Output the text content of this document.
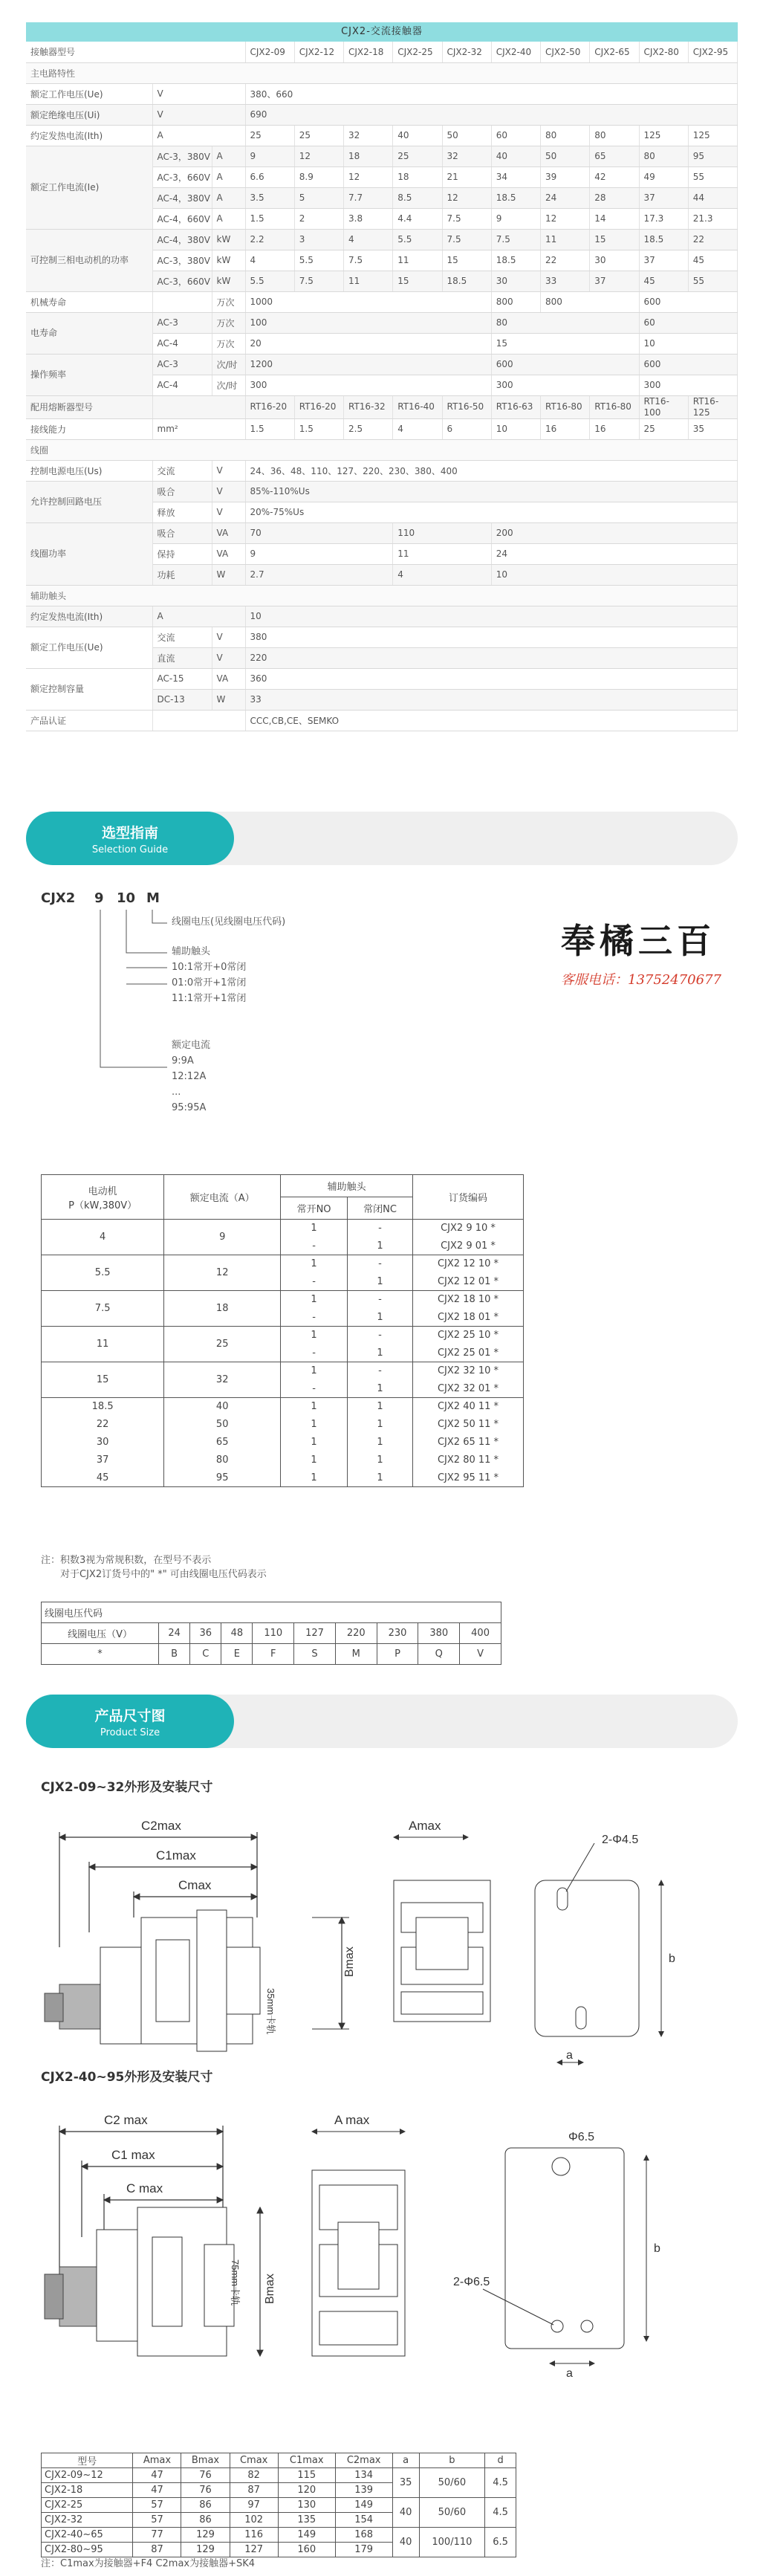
CJX2-交流接触器
接触器型号			CJX2-09	CJX2-12	CJX2-18	CJX2-25	CJX2-32	CJX2-40	CJX2-50	CJX2-65	CJX2-80	CJX2-95
主电路特性												
额定工作电压(Ue)	V		380、660									
额定绝缘电压(Ui)	V		690									
约定发热电流(Ith)	A		25	25	32	40	50	60	80	80	125	125
额定工作电流(Ie)	AC-3，380V	A	9	12	18	25	32	40	50	65	80	95
	AC-3，660V	A	6.6	8.9	12	18	21	34	39	42	49	55
	AC-4，380V	A	3.5	5	7.7	8.5	12	18.5	24	28	37	44
	AC-4，660V	A	1.5	2	3.8	4.4	7.5	9	12	14	17.3	21.3
可控制三相电动机的功率	AC-4，380V	kW	2.2	3	4	5.5	7.5	7.5	11	15	18.5	22
	AC-3，380V	kW	4	5.5	7.5	11	15	18.5	22	30	37	45
	AC-3，660V	kW	5.5	7.5	11	15	18.5	30	33	37	45	55
机械寿命		万次	1000					800	800		600	
电寿命	AC-3	万次	100					80			60	
	AC-4	万次	20					15			10	
操作频率	AC-3	次/时	1200					600			600	
	AC-4	次/时	300					300			300	
配用熔断器型号			RT16-20	RT16-20	RT16-32	RT16-40	RT16-50	RT16-63	RT16-80	RT16-80	RT16-100	RT16-125
接线能力	mm²		1.5	1.5	2.5	4	6	10	16	16	25	35
线圈												
控制电源电压(Us)	交流	V	24、36、48、110、127、220、230、380、400									
允许控制回路电压	吸合	V	85%-110%Us									
	释放	V	20%-75%Us									
线圈功率	吸合	VA	70			110		200				
	保持	VA	9			11		24				
	功耗	W	2.7			4		10				
辅助触头												
约定发热电流(Ith)	A		10									
额定工作电压(Ue)	交流	V	380									
	直流	V	220									
额定控制容量	AC-15	VA	360									
	DC-13	W	33									
产品认证			CCC,CB,CE、SEMKO									
选型指南
Selection Guide
CJX2 9 10 M
线圈电压(见线圈电压代码)
辅助触头
10:1常开+0常闭
01:0常开+1常闭
11:1常开+1常闭
额定电流
9:9A
12:12A
...
95:95A
奉橘三百
客服电话：13752470677
电动机
P（kW,380V）	额定电流（A）	辅助触头		订货编码
		常开NO	常闭NC	
4	9	1	-	CJX2 9 10 *
		-	1	CJX2 9 01 *
5.5	12	1	-	CJX2 12 10 *
		-	1	CJX2 12 01 *
7.5	18	1	-	CJX2 18 10 *
		-	1	CJX2 18 01 *
11	25	1	-	CJX2 25 10 *
		-	1	CJX2 25 01 *
15	32	1	-	CJX2 32 10 *
		-	1	CJX2 32 01 *
18.5	40	1	1	CJX2 40 11 *
22	50	1	1	CJX2 50 11 *
30	65	1	1	CJX2 65 11 *
37	80	1	1	CJX2 80 11 *
45	95	1	1	CJX2 95 11 *
注：积数3视为常规积数，在型号不表示
对于CJX2订货号中的" *" 可由线圈电压代码表示
线圈电压代码									
线圈电压（V）	24	36	48	110	127	220	230	380	400
*	B	C	E	F	S	M	P	Q	V
产品尺寸图
Product Size
CJX2-09~32外形及安装尺寸
C2max
C1max
Cmax
Bmax
35mm卡轨
Amax
2-Φ4.5
b
a
CJX2-40~95外形及安装尺寸
C2 max
C1 max
C max
Bmax
75mm卡轨
A max
Φ6.5
2-Φ6.5
b
a
型号	Amax	Bmax	Cmax	C1max	C2max	a	b	d
CJX2-09~12	47	76	82	115	134	35	50/60	4.5
CJX2-18	47	76	87	120	139			
CJX2-25	57	86	97	130	149	40	50/60	4.5
CJX2-32	57	86	102	135	154			
CJX2-40~65	77	129	116	149	168	40	100/110	6.5
CJX2-80~95	87	129	127	160	179			
注：C1max为接触器+F4 C2max为接触器+SK4
